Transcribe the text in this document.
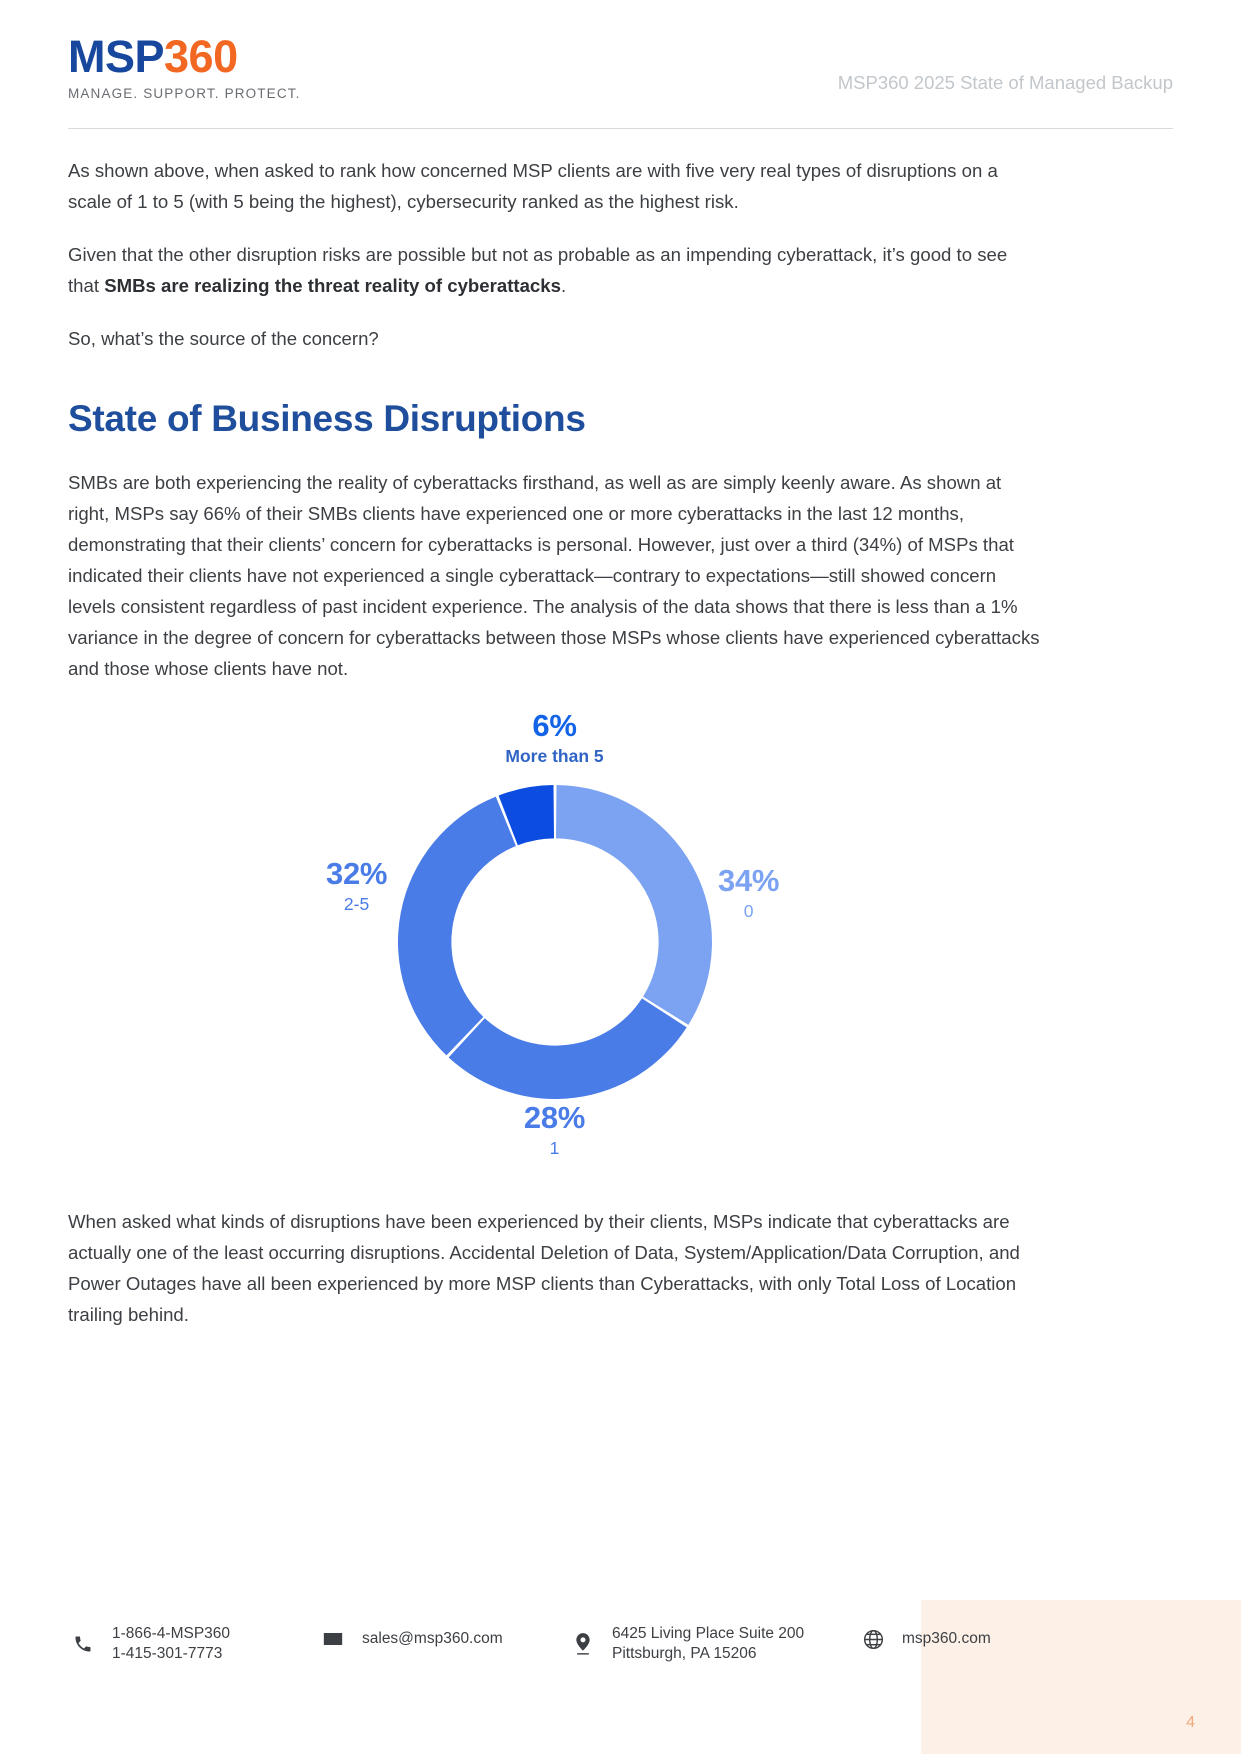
MSP360
MANAGE. SUPPORT. PROTECT.
MSP360 2025 State of Managed Backup

As shown above, when asked to rank how concerned MSP clients are with five very real types of disruptions on a scale of 1 to 5 (with 5 being the highest), cybersecurity ranked as the highest risk.

Given that the other disruption risks are possible but not as probable as an impending cyberattack, it’s good to see that SMBs are realizing the threat reality of cyberattacks.

So, what’s the source of the concern?

State of Business Disruptions

SMBs are both experiencing the reality of cyberattacks firsthand, as well as are simply keenly aware. As shown at right, MSPs say 66% of their SMBs clients have experienced one or more cyberattacks in the last 12 months, demonstrating that their clients’ concern for cyberattacks is personal. However, just over a third (34%) of MSPs that indicated their clients have not experienced a single cyberattack—contrary to expectations—still showed concern levels consistent regardless of past incident experience. The analysis of the data shows that there is less than a 1% variance in the degree of concern for cyberattacks between those MSPs whose clients have experienced cyberattacks and those whose clients have not.

6%
More than 5
32%
2-5
34%
0
28%
1

When asked what kinds of disruptions have been experienced by their clients, MSPs indicate that cyberattacks are actually one of the least occurring disruptions. Accidental Deletion of Data, System/Application/Data Corruption, and Power Outages have all been experienced by more MSP clients than Cyberattacks, with only Total Loss of Location trailing behind.

1-866-4-MSP360
1-415-301-7773
sales@msp360.com	6425 Living Place Suite 200
Pittsburgh, PA 15206
msp360.com
4
